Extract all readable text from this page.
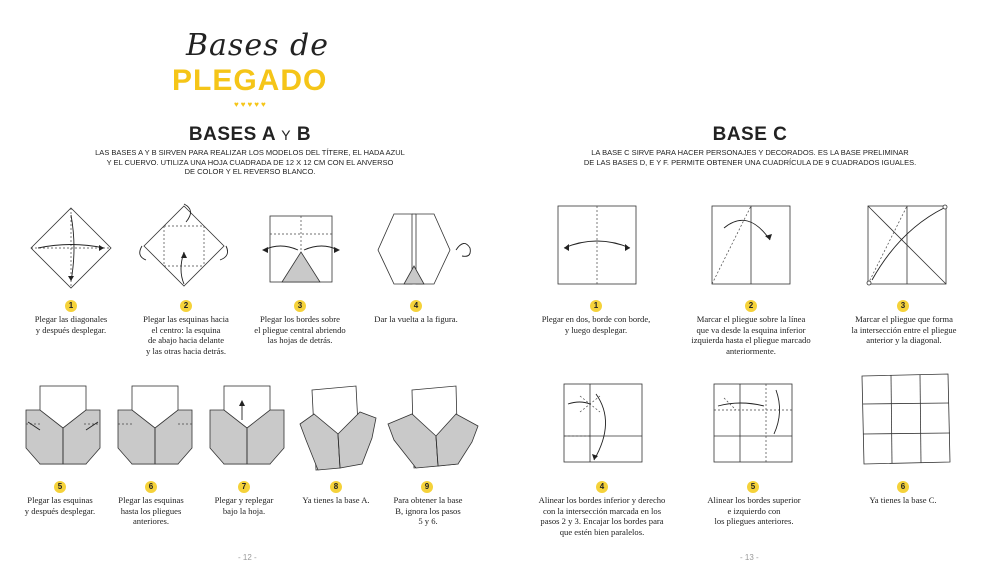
Bases de
PLEGADO
♥♥♥♥♥
BASES A Y B
LAS BASES A Y B SIRVEN PARA REALIZAR LOS MODELOS DEL TÍTERE, EL HADA AZUL
Y EL CUERVO. UTILIZA UNA HOJA CUADRADA DE 12 X 12 CM CON EL ANVERSO
DE COLOR Y EL REVERSO BLANCO.
BASE C
LA BASE C SIRVE PARA HACER PERSONAJES Y DECORADOS. ES LA BASE PRELIMINAR
DE LAS BASES D, E Y F. PERMITE OBTENER UNA CUADRÍCULA DE 9 CUADRADOS IGUALES.
1
Plegar las diagonales
y después desplegar.
2
Plegar las esquinas hacia
el centro: la esquina
de abajo hacia delante
y las otras hacia detrás.
3
Plegar los bordes sobre
el pliegue central abriendo
las hojas de detrás.
4
Dar la vuelta a la figura.
5
Plegar las esquinas
y después desplegar.
6
Plegar las esquinas
hasta los pliegues
anteriores.
7
Plegar y replegar
bajo la hoja.
8
Ya tienes la base A.
9
Para obtener la base
B, ignora los pasos
5 y 6.
1
Plegar en dos, borde con borde,
y luego desplegar.
2
Marcar el pliegue sobre la línea
que va desde la esquina inferior
izquierda hasta el pliegue marcado
anteriormente.
3
Marcar el pliegue que forma
la intersección entre el pliegue
anterior y la diagonal.
4
Alinear los bordes inferior y derecho
con la intersección marcada en los
pasos 2 y 3. Encajar los bordes para
que estén bien paralelos.
5
Alinear los bordes superior
e izquierdo con
los pliegues anteriores.
6
Ya tienes la base C.
- 12 -	- 13 -
